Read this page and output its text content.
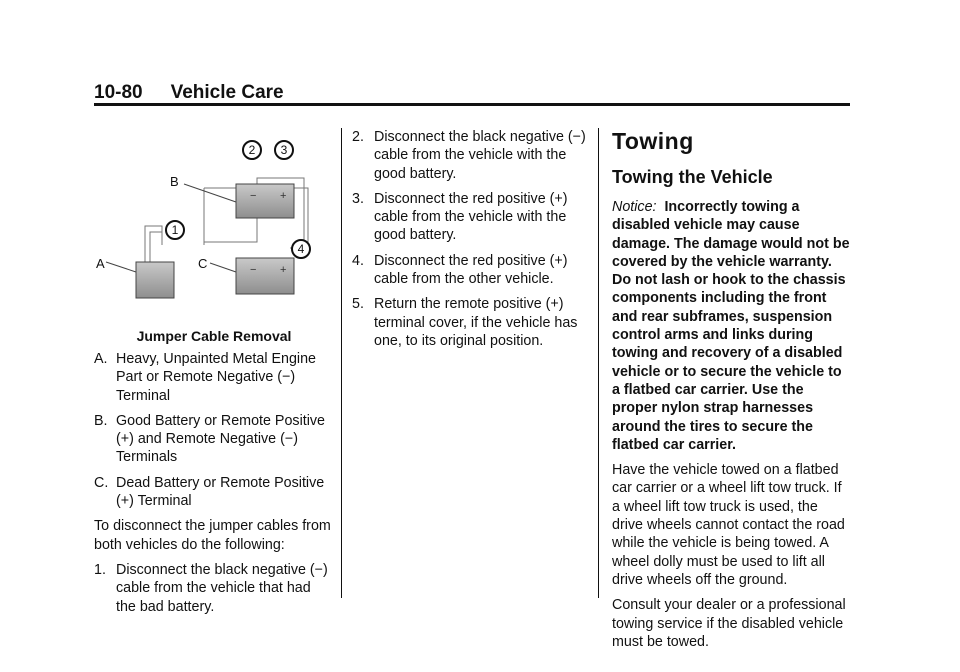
10-80 Vehicle Care
− +
− +
B
A	C
2 3
1
4
Jumper Cable Removal
A. Heavy, Unpainted Metal Engine Part or Remote Negative (−) Terminal
B. Good Battery or Remote Positive (+) and Remote Negative (−) Terminals
C. Dead Battery or Remote Positive (+) Terminal

To disconnect the jumper cables from both vehicles do the following:

1. Disconnect the black negative (−) cable from the vehicle that had the bad battery.
2. Disconnect the black negative (−) cable from the vehicle with the good battery.
3. Disconnect the red positive (+) cable from the vehicle with the good battery.
4. Disconnect the red positive (+) cable from the other vehicle.
5. Return the remote positive (+) terminal cover, if the vehicle has one, to its original position.
Towing
Towing the Vehicle

Notice: Incorrectly towing a disabled vehicle may cause damage. The damage would not be covered by the vehicle warranty. Do not lash or hook to the chassis components including the front and rear subframes, suspension control arms and links during towing and recovery of a disabled vehicle or to secure the vehicle to a flatbed car carrier. Use the proper nylon strap harnesses around the tires to secure the flatbed car carrier.

Have the vehicle towed on a flatbed car carrier or a wheel lift tow truck. If a wheel lift tow truck is used, the drive wheels cannot contact the road while the vehicle is being towed. A wheel dolly must be used to lift all drive wheels off the ground.

Consult your dealer or a professional towing service if the disabled vehicle must be towed.
